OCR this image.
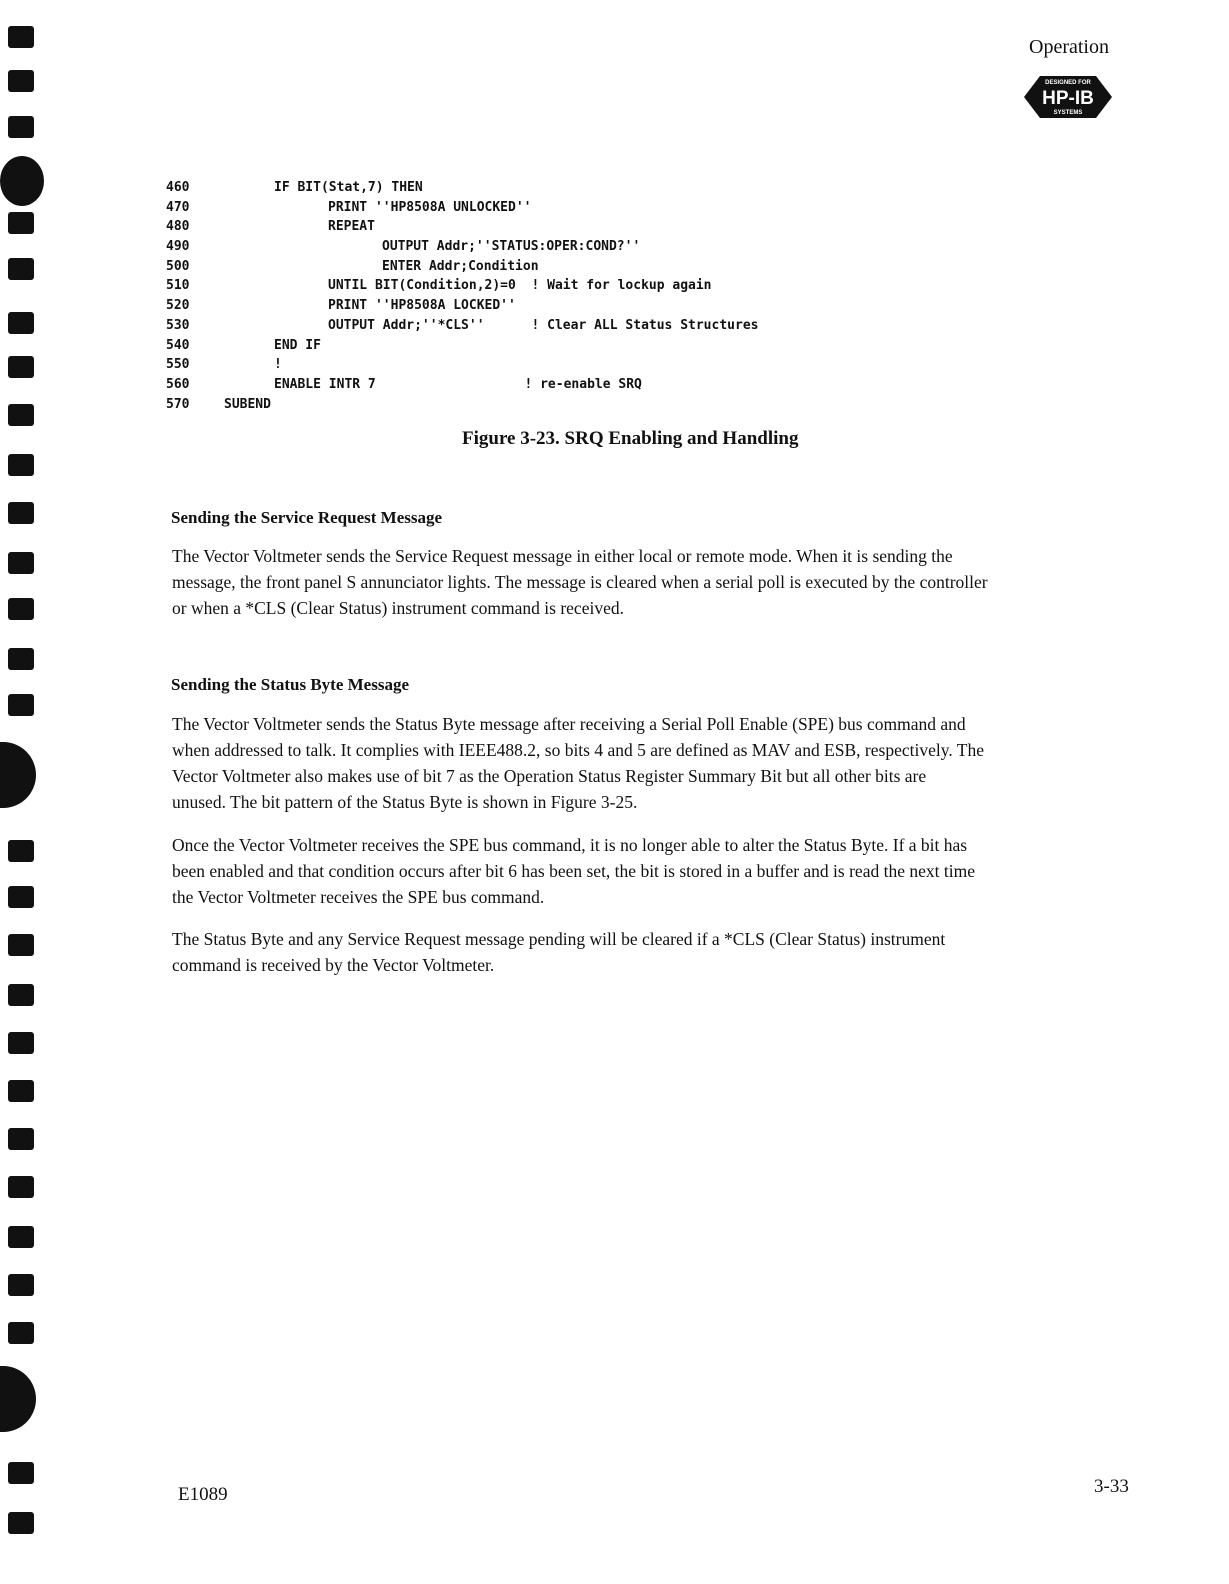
Operation
DESIGNED FOR
HP-IB
SYSTEMS
460	IF BIT(Stat,7) THEN
470	PRINT ''HP8508A UNLOCKED''
480	REPEAT
490	OUTPUT Addr;''STATUS:OPER:COND?''
500	ENTER Addr;Condition
510	UNTIL BIT(Condition,2)=0  ! Wait for lockup again
520	PRINT ''HP8508A LOCKED''
530	OUTPUT Addr;''*CLS''      ! Clear ALL Status Structures
540	END IF
550	!
560	ENABLE INTR 7                   ! re-enable SRQ
570	SUBEND
Figure 3-23. SRQ Enabling and Handling
Sending the Service Request Message
The Vector Voltmeter sends the Service Request message in either local or remote mode. When it is sending the
message, the front panel S annunciator lights. The message is cleared when a serial poll is executed by the controller
or when a *CLS (Clear Status) instrument command is received.
Sending the Status Byte Message
The Vector Voltmeter sends the Status Byte message after receiving a Serial Poll Enable (SPE) bus command and
when addressed to talk. It complies with IEEE488.2, so bits 4 and 5 are defined as MAV and ESB, respectively. The
Vector Voltmeter also makes use of bit 7 as the Operation Status Register Summary Bit but all other bits are
unused. The bit pattern of the Status Byte is shown in Figure 3-25.
Once the Vector Voltmeter receives the SPE bus command, it is no longer able to alter the Status Byte. If a bit has
been enabled and that condition occurs after bit 6 has been set, the bit is stored in a buffer and is read the next time
the Vector Voltmeter receives the SPE bus command.
The Status Byte and any Service Request message pending will be cleared if a *CLS (Clear Status) instrument
command is received by the Vector Voltmeter.
E1089	3-33
